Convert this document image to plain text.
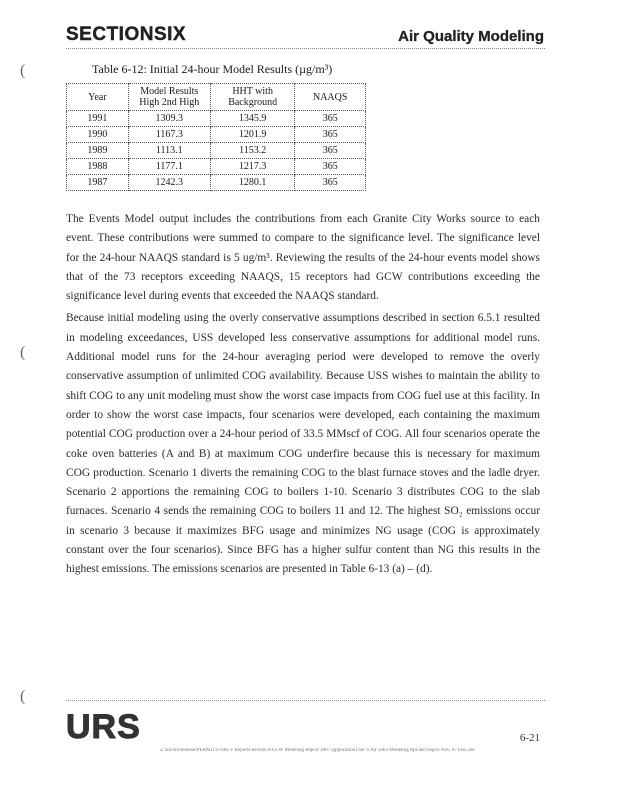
SECTIONSIX	Air Quality Modeling
(
(
(
Table 6-12: Initial 24-hour Model Results (µg/m³)
Year	Model Results High 2nd High	HHT with Background	NAAQS
1991	1309.3	1345.9	365
1990	1167.3	1201.9	365
1989	1113.1	1153.2	365
1988	1177.1	1217.3	365
1987	1242.3	1280.1	365

The Events Model output includes the contributions from each Granite City Works source to each event. These contributions were summed to compare to the significance level. The significance level for the 24-hour NAAQS standard is 5 ug/m³. Reviewing the results of the 24-hour events model shows that of the 73 receptors exceeding NAAQS, 15 receptors had GCW contributions exceeding the significance level during events that exceeded the NAAQS standard.

Because initial modeling using the overly conservative assumptions described in section 6.5.1 resulted in modeling exceedances, USS developed less conservative assumptions for additional model runs. Additional model runs for the 24-hour averaging period were developed to remove the overly conservative assumption of unlimited COG availability. Because USS wishes to maintain the ability to shift COG to any unit modeling must show the worst case impacts from COG fuel use at this facility. In order to show the worst case impacts, four scenarios were developed, each containing the maximum potential COG production over a 24-hour period of 33.5 MMscf of COG. All four scenarios operate the coke oven batteries (A and B) at maximum COG underfire because this is necessary for maximum COG production. Scenario 1 diverts the remaining COG to the blast furnace stoves and the ladle dryer. Scenario 2 apportions the remaining COG to boilers 1-10. Scenario 3 distributes COG to the slab furnaces. Scenario 4 sends the remaining COG to boilers 11 and 12. The highest SO₂ emissions occur in scenario 3 because it maximizes BFG usage and minimizes NG usage (COG is approximately constant over the four scenarios). Since BFG has a higher sulfur content than NG this results in the highest emissions. The emissions scenarios are presented in Table 6-13 (a) – (d).

URS	6-21
Z:\Environmental\PERMITS\Title V Reports\Section 6\GCW Modeling Report 2007 (application) Sec 6 Air 2003 Modeling Rpt.doc\Sept.6 Nov. 07 Elec.doc
